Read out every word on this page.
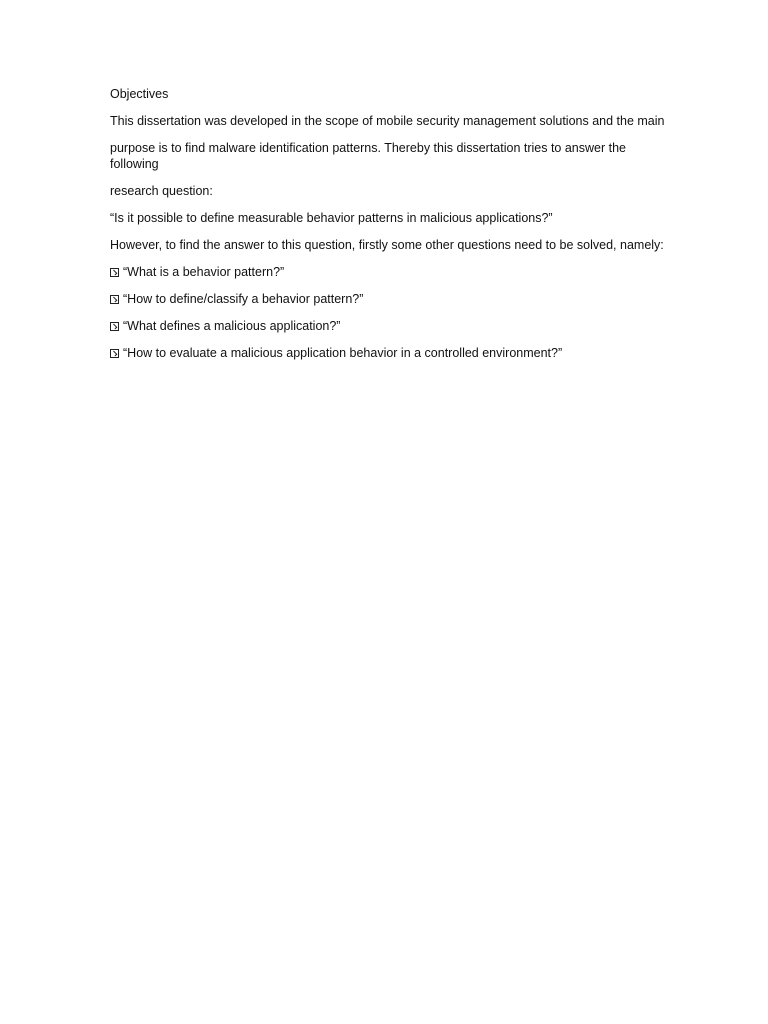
Objectives

This dissertation was developed in the scope of mobile security management solutions and the main

purpose is to find malware identification patterns. Thereby this dissertation tries to answer the following

research question:

“Is it possible to define measurable behavior patterns in malicious applications?”

However, to find the answer to this question, firstly some other questions need to be solved, namely:

“What is a behavior pattern?”
“How to define/classify a behavior pattern?”
“What defines a malicious application?”
“How to evaluate a malicious application behavior in a controlled environment?”
